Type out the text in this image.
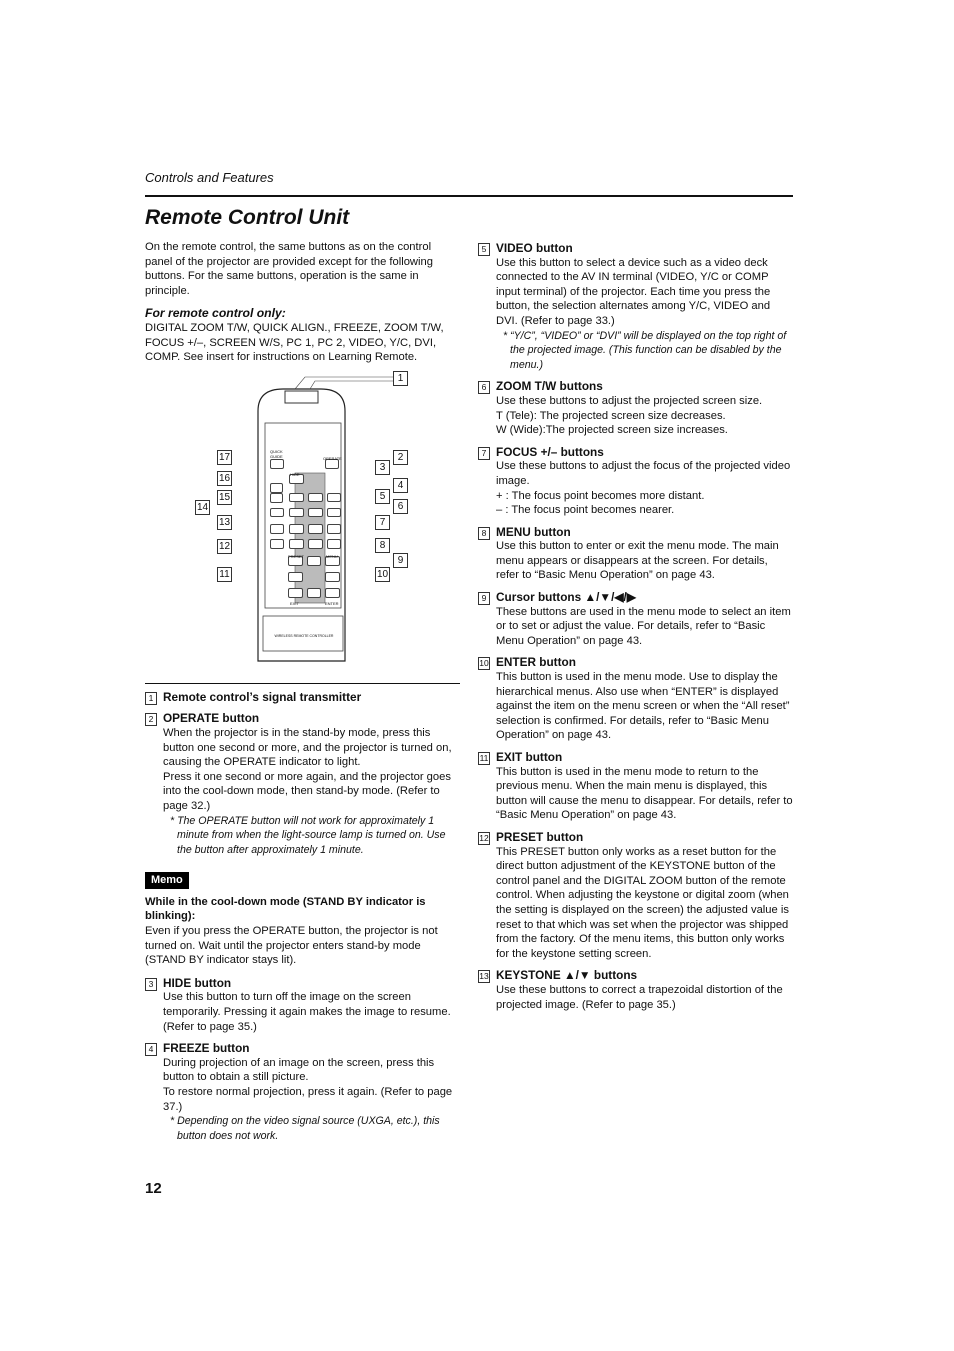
Controls and Features
Remote Control Unit

On the remote control, the same buttons as on the control panel of the projector are provided except for the following buttons. For the same buttons, operation is the same in principle.

For remote control only:

DIGITAL ZOOM T/W, QUICK ALIGN., FREEZE, ZOOM T/W, FOCUS +/–, SCREEN W/S, PC 1, PC 2, VIDEO, Y/C, DVI, COMP. See insert for instructions on Learning Remote.

QUICK GUIDE	OPERATE
HIDE
PRESET	MENU
EXIT	ENTER
WIRELESS REMOTE CONTROLLER
1
2
3
4
5
6
7
8
9
10
17
16
15
14
13
12
11
1 Remote control’s signal transmitter

2 OPERATE button

When the projector is in the stand-by mode, press this button one second or more, and the projector is turned on, causing the OPERATE indicator to light.

Press it one second or more again, and the projector goes into the cool-down mode, then stand-by mode. (Refer to page 32.)

* The OPERATE button will not work for approximately 1 minute from when the light-source lamp is turned on. Use the button after approximately 1 minute.

Memo

While in the cool-down mode (STAND BY indicator is blinking):

Even if you press the OPERATE button, the projector is not turned on. Wait until the projector enters stand-by mode (STAND BY indicator stays lit).

3 HIDE button

Use this button to turn off the image on the screen temporarily. Pressing it again makes the image to resume. (Refer to page 35.)

4 FREEZE button

During projection of an image on the screen, press this button to obtain a still picture.

To restore normal projection, press it again. (Refer to page 37.)

* Depending on the video signal source (UXGA, etc.), this button does not work.

5 VIDEO button

Use this button to select a device such as a video deck connected to the AV IN terminal (VIDEO, Y/C or COMP input terminal) of the projector. Each time you press the button, the selection alternates among Y/C, VIDEO and DVI. (Refer to page 33.)

* “Y/C”, “VIDEO” or “DVI” will be displayed on the top right of the projected image. (This function can be disabled by the menu.)

6 ZOOM T/W buttons

Use these buttons to adjust the projected screen size.

T (Tele): The projected screen size decreases.

W (Wide):The projected screen size increases.

7 FOCUS +/– buttons

Use these buttons to adjust the focus of the projected video image.

+ : The focus point becomes more distant.

– : The focus point becomes nearer.

8 MENU button

Use this button to enter or exit the menu mode. The main menu appears or disappears at the screen. For details, refer to “Basic Menu Operation” on page 43.

9 Cursor buttons ▲/▼/◀/▶

These buttons are used in the menu mode to select an item or to set or adjust the value. For details, refer to “Basic Menu Operation” on page 43.

10 ENTER button

This button is used in the menu mode. Use to display the hierarchical menus. Also use when “ENTER” is displayed against the item on the menu screen or when the “All reset” selection is confirmed. For details, refer to “Basic Menu Operation” on page 43.

11 EXIT button

This button is used in the menu mode to return to the previous menu. When the main menu is displayed, this button will cause the menu to disappear. For details, refer to “Basic Menu Operation” on page 43.

12 PRESET button

This PRESET button only works as a reset button for the direct button adjustment of the KEYSTONE button of the control panel and the DIGITAL ZOOM button of the remote control. When adjusting the keystone or digital zoom (when the setting is displayed on the screen) the adjusted value is reset to that which was set when the projector was shipped from the factory. Of the menu items, this button only works for the keystone setting screen.

13 KEYSTONE ▲/▼ buttons

Use these buttons to correct a trapezoidal distortion of the projected image. (Refer to page 35.)

12
